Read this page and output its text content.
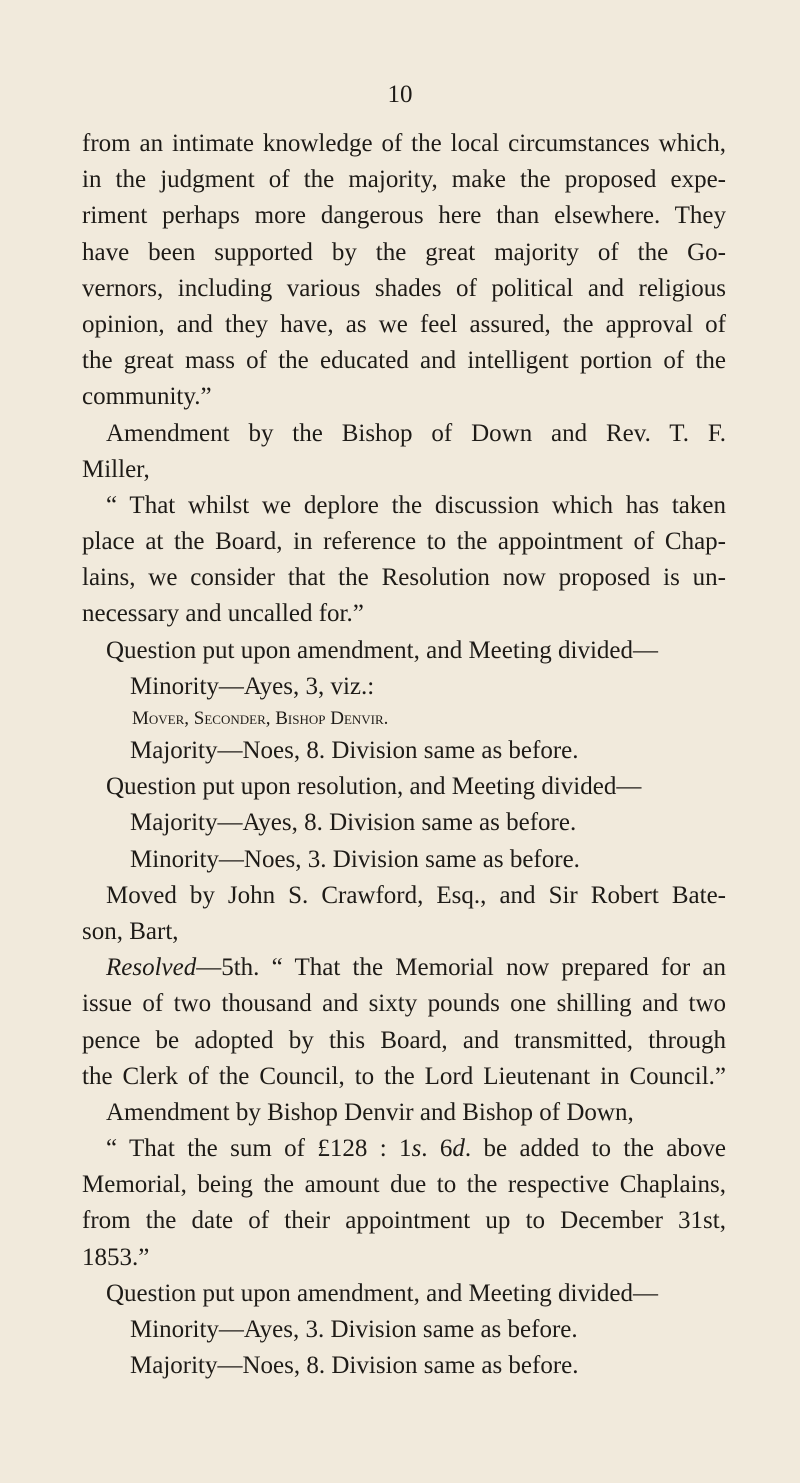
10
from an intimate knowledge of the local circumstances which,
in the judgment of the majority, make the proposed expe-
riment perhaps more dangerous here than elsewhere. They
have been supported by the great majority of the Go-
vernors, including various shades of political and religious
opinion, and they have, as we feel assured, the approval of
the great mass of the educated and intelligent portion of the
community.”
Amendment by the Bishop of Down and Rev. T. F.
Miller,
“ That whilst we deplore the discussion which has taken
place at the Board, in reference to the appointment of Chap-
lains, we consider that the Resolution now proposed is un-
necessary and uncalled for.”
Question put upon amendment, and Meeting divided—
Minority—Ayes, 3, viz.:
Mover, Seconder, Bishop Denvir.
Majority—Noes, 8. Division same as before.
Question put upon resolution, and Meeting divided—
Majority—Ayes, 8. Division same as before.
Minority—Noes, 3. Division same as before.
Moved by John S. Crawford, Esq., and Sir Robert Bate-
son, Bart,
Resolved—5th. “ That the Memorial now prepared for an
issue of two thousand and sixty pounds one shilling and two
pence be adopted by this Board, and transmitted, through
the Clerk of the Council, to the Lord Lieutenant in Council.”
Amendment by Bishop Denvir and Bishop of Down,
“ That the sum of £128 : 1s. 6d. be added to the above
Memorial, being the amount due to the respective Chaplains,
from the date of their appointment up to December 31st,
1853.”
Question put upon amendment, and Meeting divided—
Minority—Ayes, 3. Division same as before.
Majority—Noes, 8. Division same as before.
